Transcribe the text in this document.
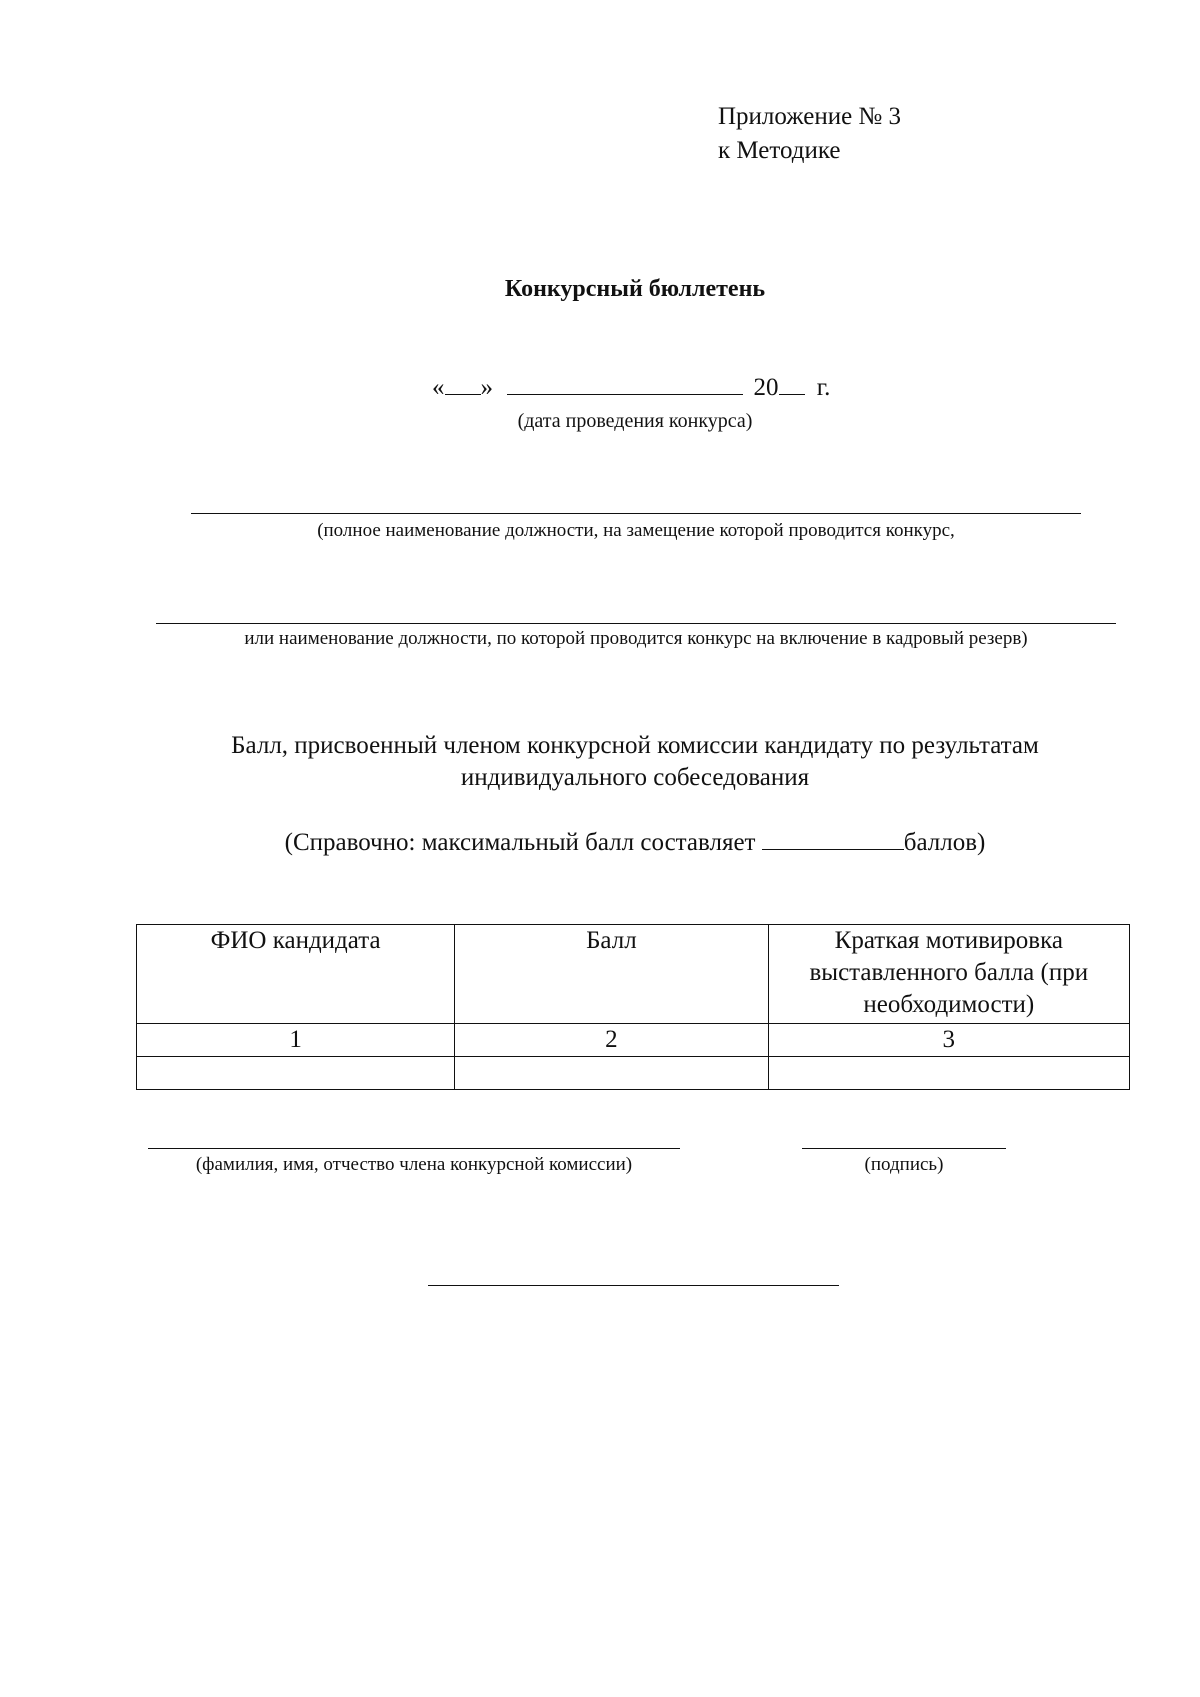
Приложение № 3
к Методике
Конкурсный бюллетень
« »	20 г.
(дата проведения конкурса)
(полное наименование должности, на замещение которой проводится конкурс,
или наименование должности, по которой проводится конкурс на включение в кадровый резерв)
Балл, присвоенный членом конкурсной комиссии кандидату по результатам
индивидуального собеседования
(Справочно: максимальный балл составляет	баллов)
ФИО кандидата	Балл	Краткая мотивировка выставленного балла (при необходимости)
1	2	3

(фамилия, имя, отчество члена конкурсной комиссии)	(подпись)
